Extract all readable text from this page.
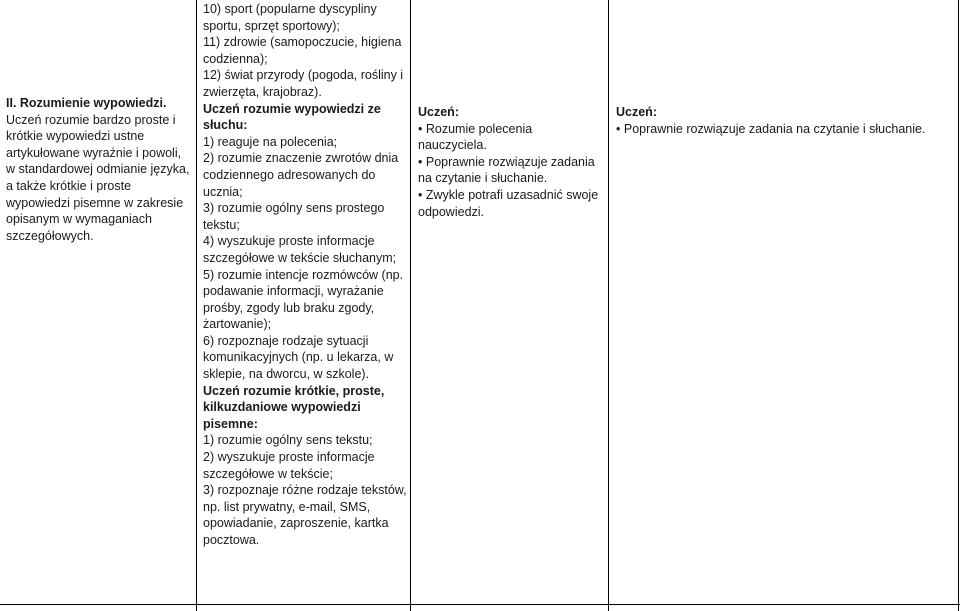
II. Rozumienie wypowiedzi.
Uczeń rozumie bardzo proste i krótkie wypowiedzi ustne artykułowane wyraźnie i powoli, w standardowej odmianie języka, a także krótkie i proste wypowiedzi pisemne w zakresie opisanym w wymaganiach szczegółowych.
10) sport (popularne dyscypliny sportu, sprzęt sportowy);
11) zdrowie (samopoczucie, higiena codzienna);
12) świat przyrody (pogoda, rośliny i zwierzęta, krajobraz).
Uczeń rozumie wypowiedzi ze słuchu:
1) reaguje na polecenia;
2) rozumie znaczenie zwrotów dnia codziennego adresowanych do ucznia;
3) rozumie ogólny sens prostego tekstu;
4) wyszukuje proste informacje szczegółowe w tekście słuchanym;
5) rozumie intencje rozmówców (np. podawanie informacji, wyrażanie prośby, zgody lub braku zgody, żartowanie);
6) rozpoznaje rodzaje sytuacji komunikacyjnych (np. u lekarza, w sklepie, na dworcu, w szkole).
Uczeń rozumie krótkie, proste, kilkuzdaniowe wypowiedzi pisemne:
1) rozumie ogólny sens tekstu;
2) wyszukuje proste informacje szczegółowe w tekście;
3) rozpoznaje różne rodzaje tekstów, np. list prywatny, e-mail, SMS, opowiadanie, zaproszenie, kartka pocztowa.
Uczeń:
• Rozumie polecenia nauczyciela.
• Poprawnie rozwiązuje zadania na czytanie i słuchanie.
• Zwykle potrafi uzasadnić swoje odpowiedzi.
Uczeń:
• Poprawnie rozwiązuje zadania na czytanie i słuchanie.
